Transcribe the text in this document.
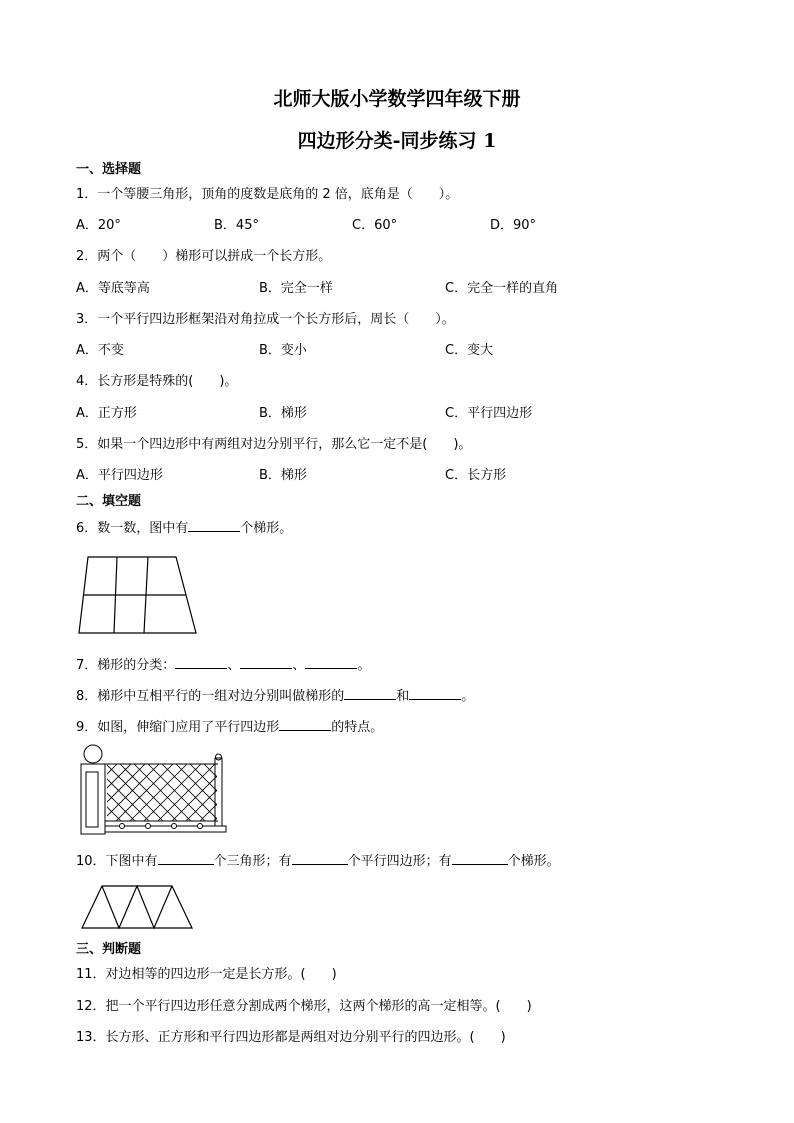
北师大版小学数学四年级下册
四边形分类-同步练习 1
一、选择题
1．一个等腰三角形，顶角的度数是底角的 2 倍，底角是（　　）。
A．20°	B．45°	C．60°	D．90°
2．两个（　　）梯形可以拼成一个长方形。
A．等底等高	B．完全一样	C．完全一样的直角
3．一个平行四边形框架沿对角拉成一个长方形后，周长（　　）。
A．不变	B．变小	C．变大
4．长方形是特殊的(　　)。
A．正方形	B．梯形	C．平行四边形
5．如果一个四边形中有两组对边分别平行，那么它一定不是(　　)。
A．平行四边形	B．梯形	C．长方形
二、填空题
6．数一数，图中有	个梯形。
7．梯形的分类：	、	、	。
8．梯形中互相平行的一组对边分别叫做梯形的	和	。
9．如图，伸缩门应用了平行四边形	的特点。
10．下图中有	个三角形；有	个平行四边形；有	个梯形。
三、判断题
11．对边相等的四边形一定是长方形。(　　)
12．把一个平行四边形任意分割成两个梯形，这两个梯形的高一定相等。(　　)
13．长方形、正方形和平行四边形都是两组对边分别平行的四边形。(　　)
